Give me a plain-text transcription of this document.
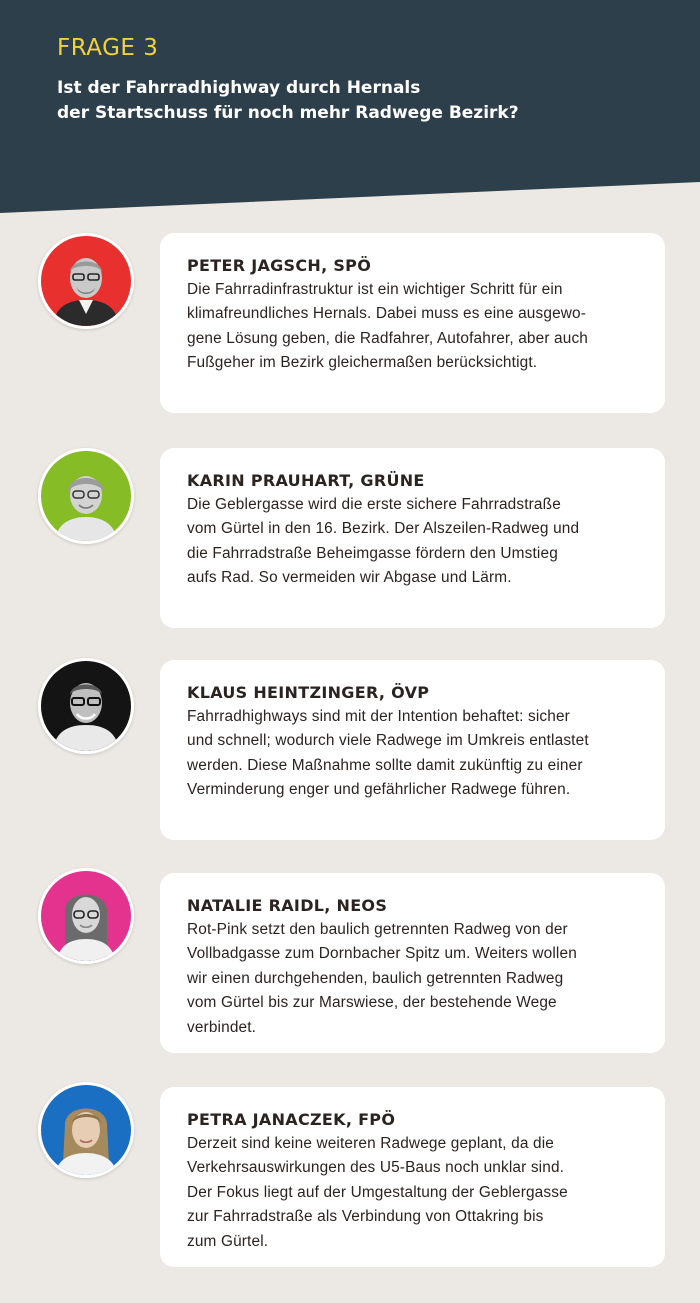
FRAGE 3
Ist der Fahrradhighway durch Hernals
der Startschuss für noch mehr Radwege Bezirk?
PETER JAGSCH, SPÖ
Die Fahrradinfrastruktur ist ein wichtiger Schritt für ein
klimafreundliches Hernals. Dabei muss es eine ausgewo-
gene Lösung geben, die Radfahrer, Autofahrer, aber auch
Fußgeher im Bezirk gleichermaßen berücksichtigt.
KARIN PRAUHART, GRÜNE
Die Geblergasse wird die erste sichere Fahrradstraße
vom Gürtel in den 16. Bezirk. Der Alszeilen-Radweg und
die Fahrradstraße Beheimgasse fördern den Umstieg
aufs Rad. So vermeiden wir Abgase und Lärm.
KLAUS HEINTZINGER, ÖVP
Fahrradhighways sind mit der Intention behaftet: sicher
und schnell; wodurch viele Radwege im Umkreis entlastet
werden. Diese Maßnahme sollte damit zukünftig zu einer
Verminderung enger und gefährlicher Radwege führen.
NATALIE RAIDL, NEOS
Rot-Pink setzt den baulich getrennten Radweg von der
Vollbadgasse zum Dornbacher Spitz um. Weiters wollen
wir einen durchgehenden, baulich getrennten Radweg
vom Gürtel bis zur Marswiese, der bestehende Wege
verbindet.
PETRA JANACZEK, FPÖ
Derzeit sind keine weiteren Radwege geplant, da die
Verkehrsauswirkungen des U5-Baus noch unklar sind.
Der Fokus liegt auf der Umgestaltung der Geblergasse
zur Fahrradstraße als Verbindung von Ottakring bis
zum Gürtel.
